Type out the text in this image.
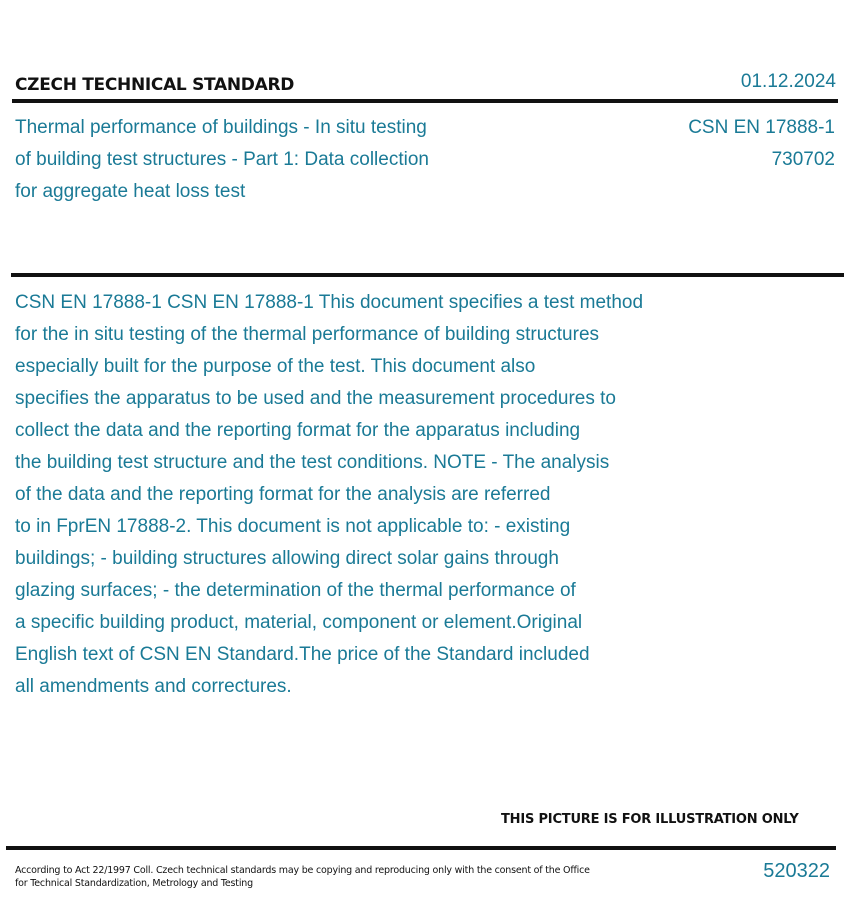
CZECH TECHNICAL STANDARD	01.12.2024
Thermal performance of buildings - In situ testing
of building test structures - Part 1: Data collection
for aggregate heat loss test
CSN EN 17888-1
730702
CSN EN 17888-1 CSN EN 17888-1 This document specifies a test method
for the in situ testing of the thermal performance of building structures
especially built for the purpose of the test. This document also
specifies the apparatus to be used and the measurement procedures to
collect the data and the reporting format for the apparatus including
the building test structure and the test conditions. NOTE - The analysis
of the data and the reporting format for the analysis are referred
to in FprEN 17888-2. This document is not applicable to: - existing
buildings; - building structures allowing direct solar gains through
glazing surfaces; - the determination of the thermal performance of
a specific building product, material, component or element.Original
English text of CSN EN Standard.The price of the Standard included
all amendments and correctures.
THIS PICTURE IS FOR ILLUSTRATION ONLY
According to Act 22/1997 Coll. Czech technical standards may be copying and reproducing only with the consent of the Office
for Technical Standardization, Metrology and Testing
520322
